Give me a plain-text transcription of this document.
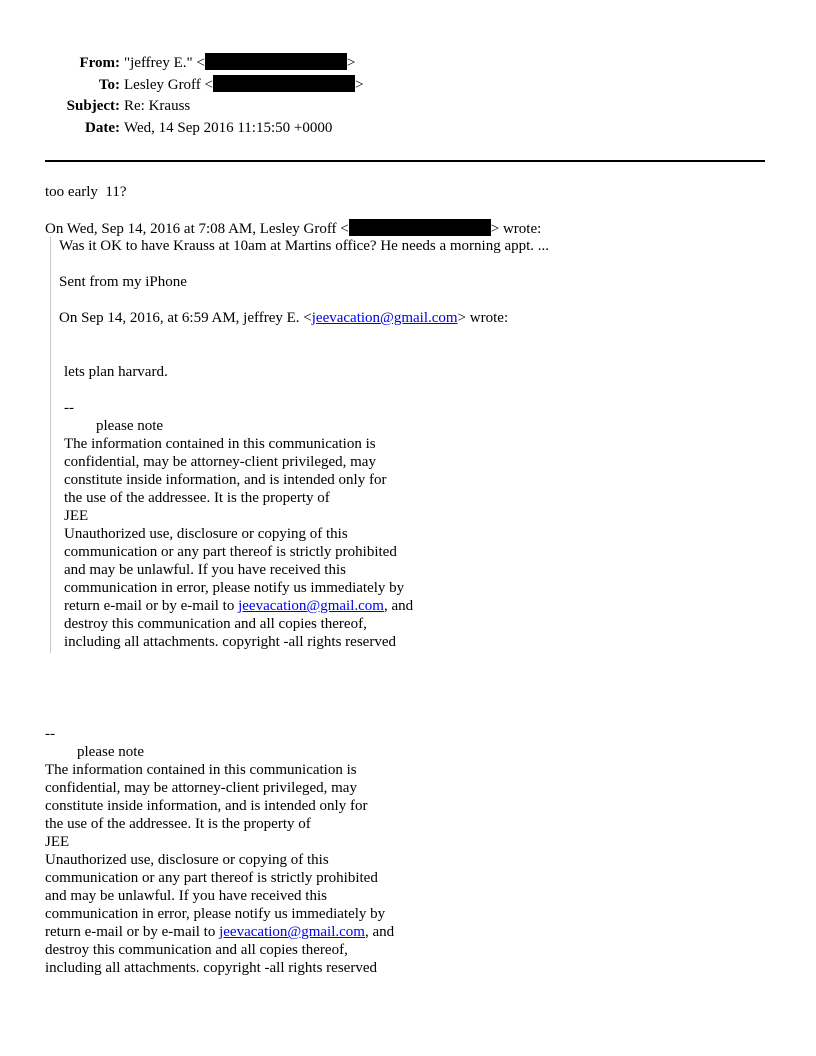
From: "jeffrey E." <	>
To: Lesley Groff <	>
Subject: Re: Krauss
Date: Wed, 14 Sep 2016 11:15:50 +0000
too early  11?
On Wed, Sep 14, 2016 at 7:08 AM, Lesley Groff <	> wrote:
Was it OK to have Krauss at 10am at Martins office? He needs a morning appt. ...
Sent from my iPhone
On Sep 14, 2016, at 6:59 AM, jeffrey E. <jeevacation@gmail.com> wrote:
lets plan harvard.
--
please note
The information contained in this communication is
confidential, may be attorney-client privileged, may
constitute inside information, and is intended only for
the use of the addressee. It is the property of
JEE
Unauthorized use, disclosure or copying of this
communication or any part thereof is strictly prohibited
and may be unlawful. If you have received this
communication in error, please notify us immediately by
return e-mail or by e-mail to jeevacation@gmail.com, and
destroy this communication and all copies thereof,
including all attachments. copyright -all rights reserved
--
please note
The information contained in this communication is
confidential, may be attorney-client privileged, may
constitute inside information, and is intended only for
the use of the addressee. It is the property of
JEE
Unauthorized use, disclosure or copying of this
communication or any part thereof is strictly prohibited
and may be unlawful. If you have received this
communication in error, please notify us immediately by
return e-mail or by e-mail to jeevacation@gmail.com, and
destroy this communication and all copies thereof,
including all attachments. copyright -all rights reserved
